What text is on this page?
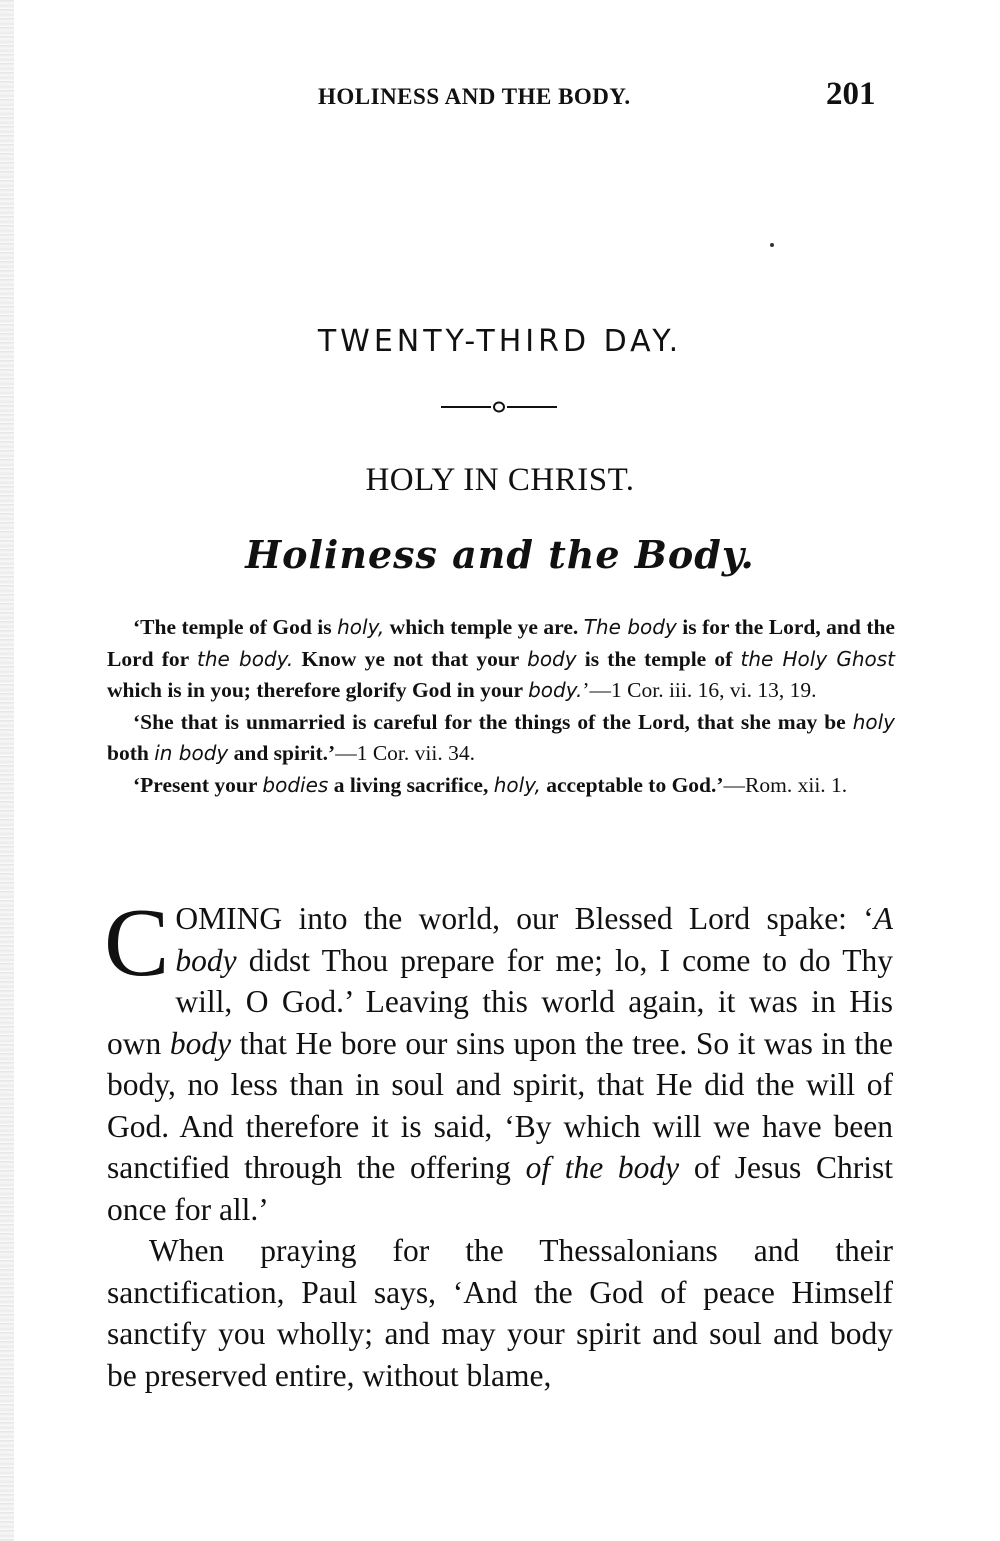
HOLINESS AND THE BODY.	201
TWENTY-THIRD DAY.
HOLY IN CHRIST.
Holiness and the Body.

‘The temple of God is holy, which temple ye are. The body is for the Lord, and the Lord for the body. Know ye not that your body is the temple of the Holy Ghost which is in you; therefore glorify God in your body.’—1 Cor. iii. 16, vi. 13, 19.

‘She that is unmarried is careful for the things of the Lord, that she may be holy both in body and spirit.’—1 Cor. vii. 34.

‘Present your bodies a living sacrifice, holy, acceptable to God.’—Rom. xii. 1.

COMING into the world, our Blessed Lord spake: ‘A body didst Thou prepare for me; lo, I come to do Thy will, O God.’ Leaving this world again, it was in His own body that He bore our sins upon the tree. So it was in the body, no less than in soul and spirit, that He did the will of God. And therefore it is said, ‘By which will we have been sanctified through the offering of the body of Jesus Christ once for all.’

When praying for the Thessalonians and their sanctification, Paul says, ‘And the God of peace Himself sanctify you wholly; and may your spirit and soul and body be preserved entire, without blame,
